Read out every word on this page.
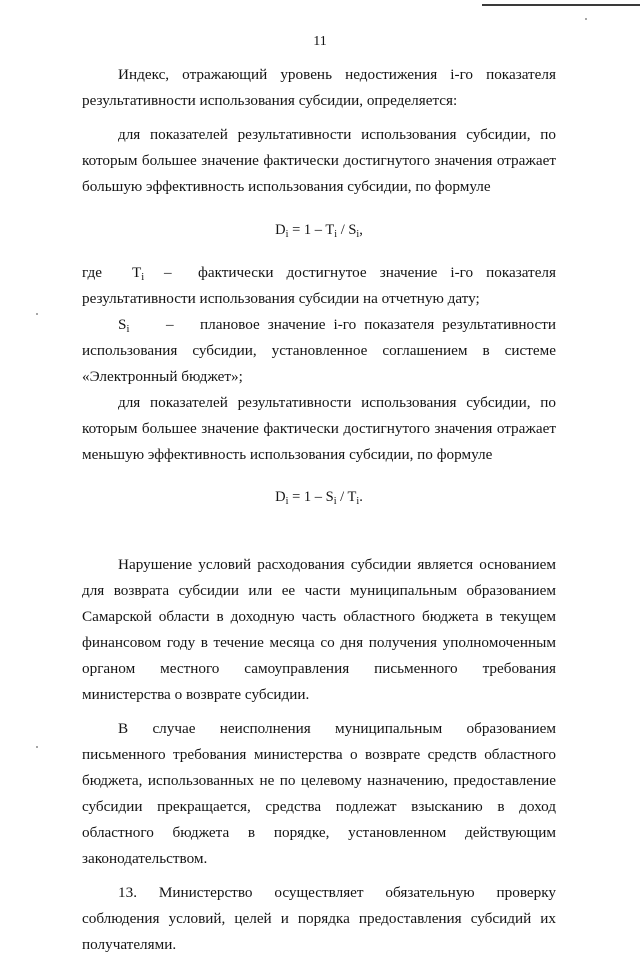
11

Индекс, отражающий уровень недостижения i-го показателя результативности использования субсидии, определяется:

для показателей результативности использования субсидии, по которым большее значение фактически достигнутого значения отражает большую эффективность использования субсидии, по формуле

$D_i = 1 - T_i / S_i$,
где	$T_i$	–	фактически достигнутое значение i-го показателя

результативности использования субсидии на отчетную дату;

$S_i$	–	плановое значение i-го показателя результативности
использования субсидии, установленное соглашением в системе

«Электронный бюджет»;

для показателей результативности использования субсидии, по которым большее значение фактически достигнутого значения отражает меньшую эффективность использования субсидии, по формуле

$D_i = 1 - S_i / T_i$.

Нарушение условий расходования субсидии является основанием для возврата субсидии или ее части муниципальным образованием Самарской области в доходную часть областного бюджета в текущем финансовом году в течение месяца со дня получения уполномоченным органом местного самоуправления письменного требования министерства о возврате субсидии.

В случае неисполнения муниципальным образованием письменного требования министерства о возврате средств областного бюджета, использованных не по целевому назначению, предоставление субсидии прекращается, средства подлежат взысканию в доход областного бюджета в порядке, установленном действующим законодательством.

13. Министерство осуществляет обязательную проверку соблюдения условий, целей и порядка предоставления субсидий их получателями.
